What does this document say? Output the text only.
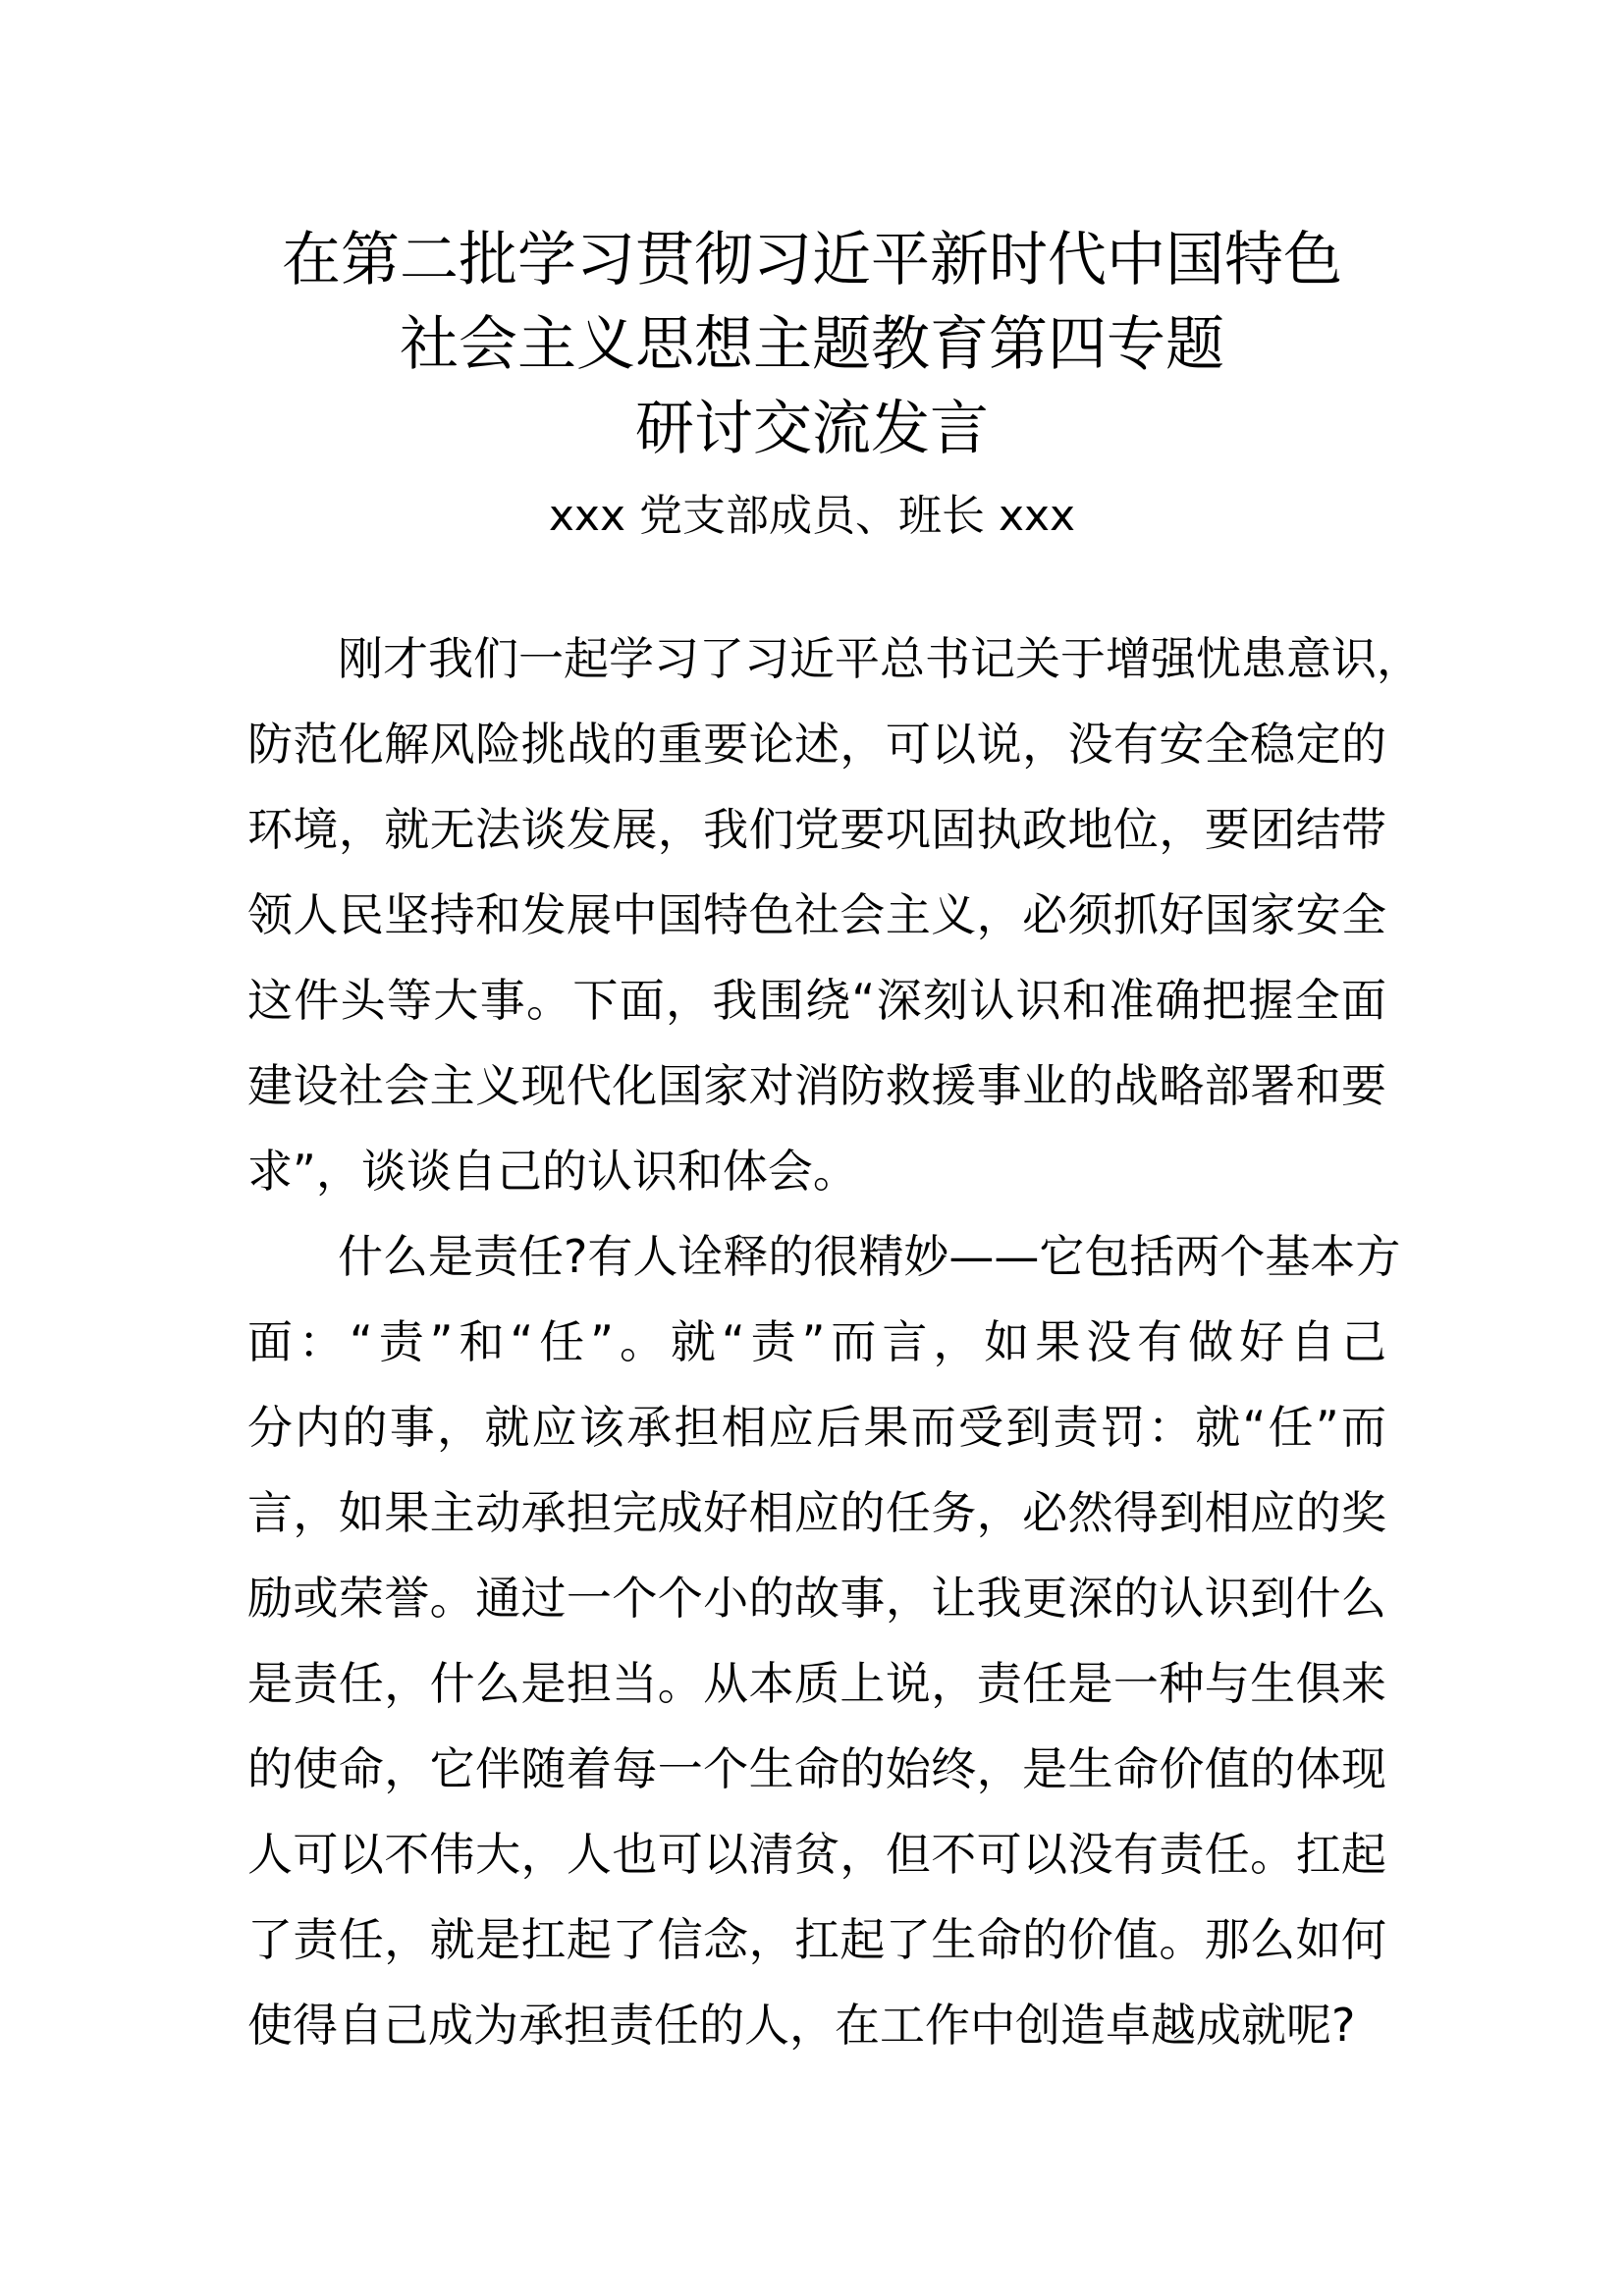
在第二批学习贯彻习近平新时代中国特色
社会主义思想主题教育第四专题
研讨交流发言
xxx 党支部成员、班长 xxx
刚才我们一起学习了习近平总书记关于增强忧患意识，
防范化解风险挑战的重要论述，可以说，没有安全稳定的
环境，就无法谈发展，我们党要巩固执政地位，要团结带
领人民坚持和发展中国特色社会主义，必须抓好国家安全
这件头等大事。下面，我围绕“深刻认识和准确把握全面
建设社会主义现代化国家对消防救援事业的战略部署和要
求”，谈谈自己的认识和体会。
什么是责任?有人诠释的很精妙——它包括两个基本方
面：“责”和“任”。就“责”而言，如果没有做好自己
分内的事，就应该承担相应后果而受到责罚：就“任”而
言，如果主动承担完成好相应的任务，必然得到相应的奖
励或荣誉。通过一个个小的故事，让我更深的认识到什么
是责任，什么是担当。从本质上说，责任是一种与生俱来
的使命，它伴随着每一个生命的始终，是生命价值的体现
人可以不伟大，人也可以清贫，但不可以没有责任。扛起
了责任，就是扛起了信念，扛起了生命的价值。那么如何
使得自己成为承担责任的人，在工作中创造卓越成就呢?
